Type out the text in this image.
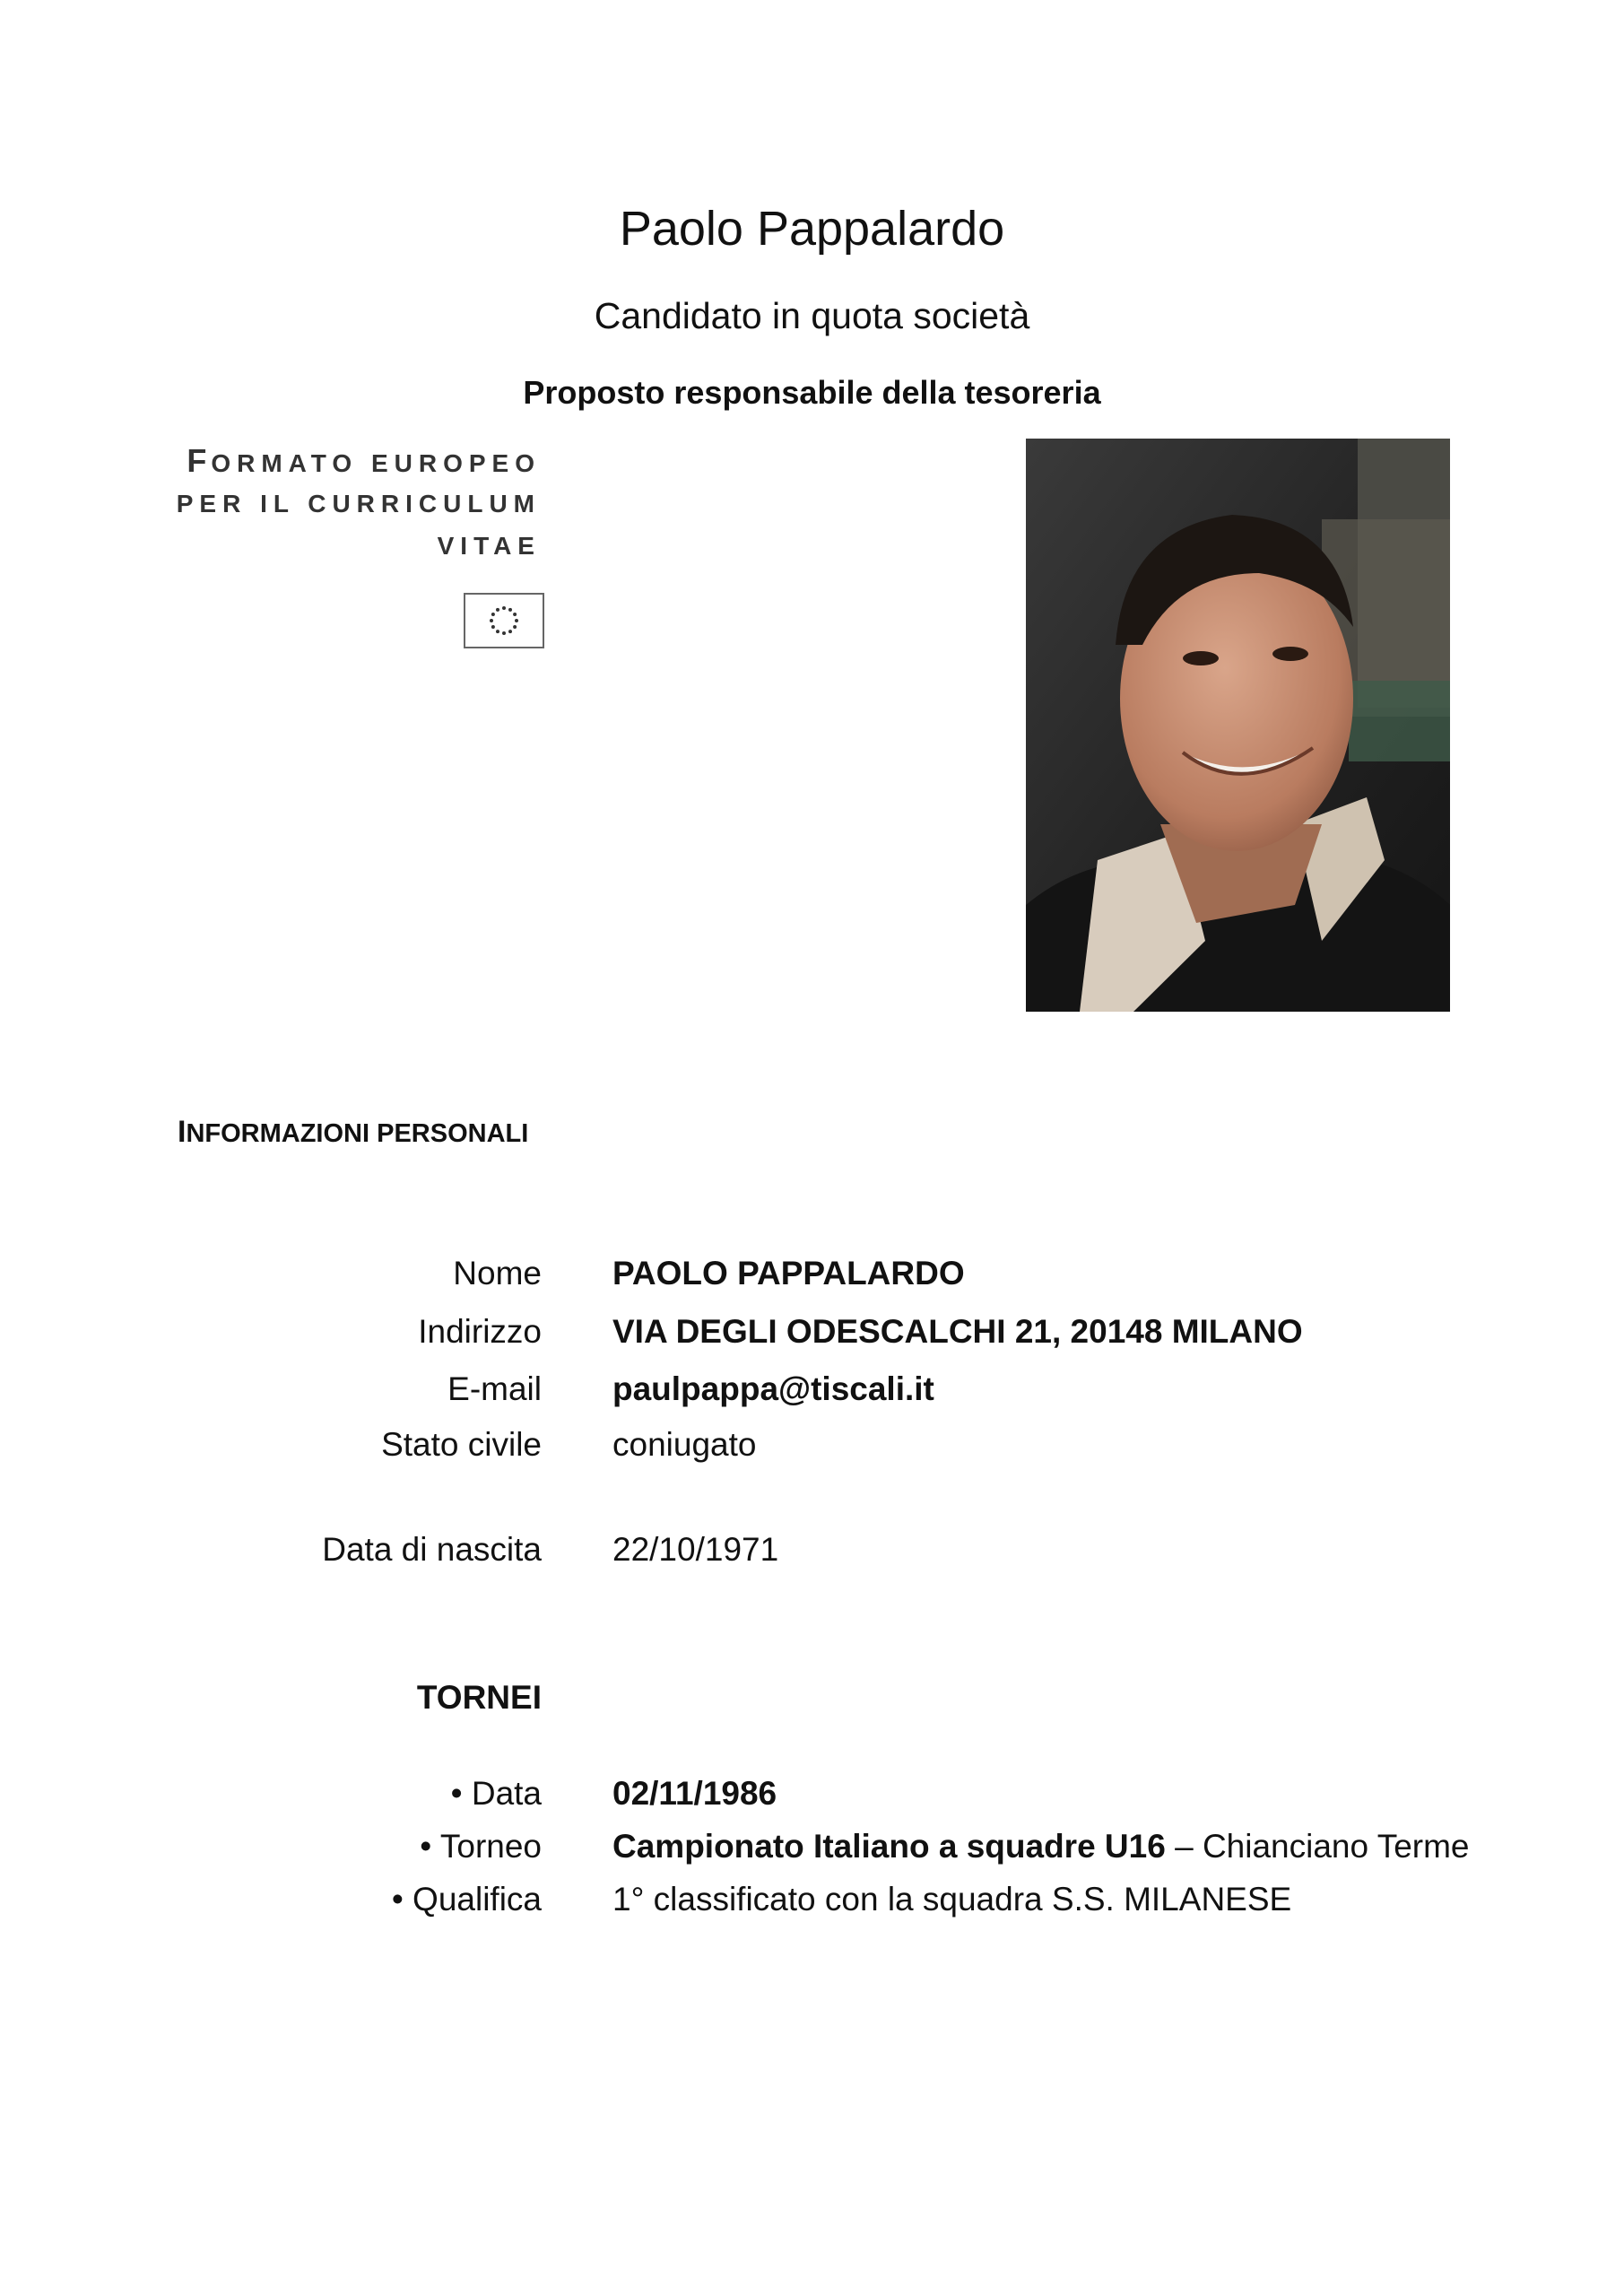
Paolo Pappalardo
Candidato in quota società
Proposto responsabile della tesoreria
FORMATO EUROPEO
PER IL CURRICULUM
VITAE
INFORMAZIONI PERSONALI
Nome PAOLO PAPPALARDO
Indirizzo VIA DEGLI ODESCALCHI 21, 20148 MILANO
E-mail paulpappa@tiscali.it
Stato civile coniugato
Data di nascita 22/10/1971
TORNEI
• Data 02/11/1986
• Torneo Campionato Italiano a squadre U16 – Chianciano Terme
• Qualifica 1° classificato con la squadra S.S. MILANESE
